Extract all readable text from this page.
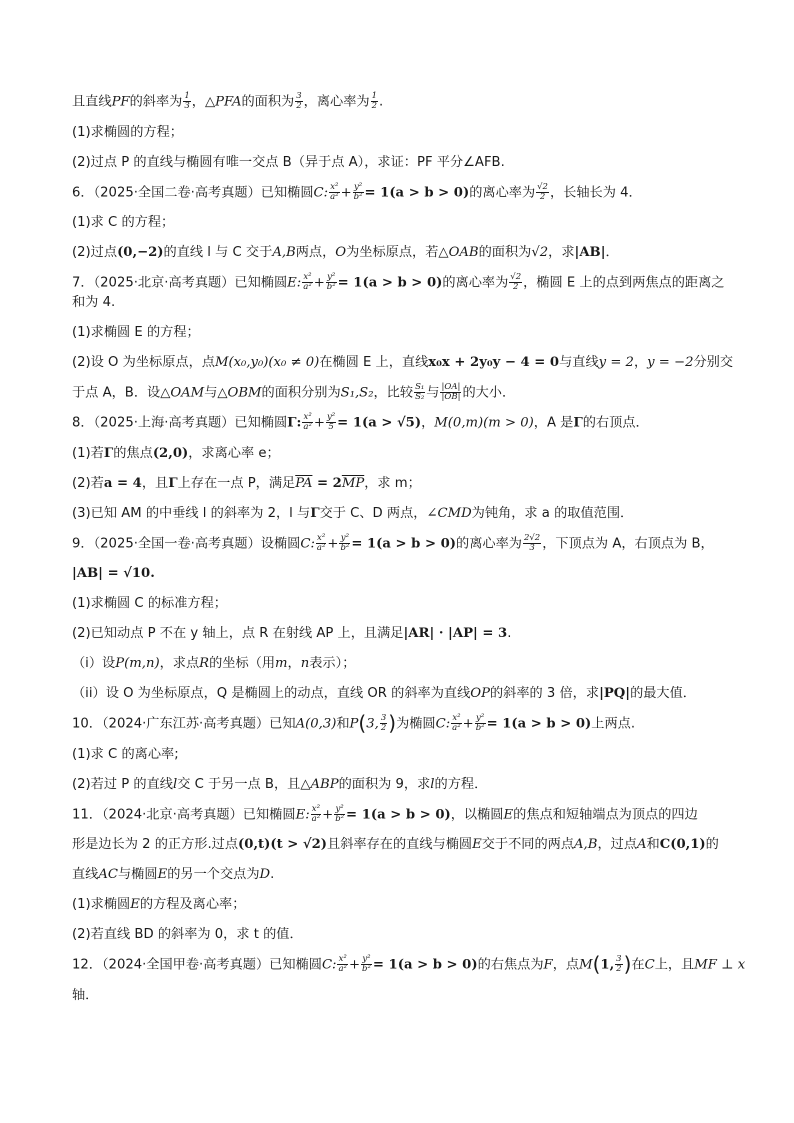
且直线PF的斜率为 $\frac{1}{3}$ ，△PFA的面积为 $\frac{3}{2}$ ，离心率为 $\frac{1}{2}$ .
(1)求椭圆的方程；
(2)过点 P 的直线与椭圆有唯一交点 B（异于点 A），求证：PF 平分∠AFB.
6．（2025·全国二卷·高考真题）已知椭圆C: $\frac{\text{x²}}{\text{a²}} + \frac{\text{y²}}{\text{b²}} = 1(a > b > 0)$的离心率为 $\frac{√2}{2}$ ，长轴长为 4．
(1)求 C 的方程；
(2)过点(0,−2)的直线 l 与 C 交于A,B两点，O为坐标原点，若△OAB的面积为√2，求|AB|．
7．（2025·北京·高考真题）已知椭圆E: $\frac{\text{x²}}{\text{a²}} + \frac{\text{y²}}{\text{b²}} = 1(a > b > 0)$的离心率为 $\frac{√2}{2}$ ，椭圆 E 上的点到两焦点的距离之和为 4.
(1)求椭圆 E 的方程；
(2)设 O 为坐标原点，点M(x₀,y₀)(x₀ ≠ 0)在椭圆 E 上，直线x₀x + 2y₀y − 4 = 0与直线y = 2，y = −2分别交
于点 A，B．设△OAM与△OBM的面积分别为S₁,S₂，比较 $\frac{\text{S₁}}{\text{S₂}}$ 与 $\frac{|OA|}{|OB|}$ 的大小．
8．（2025·上海·高考真题）已知椭圆Γ: $\frac{\text{x²}}{\text{a²}} + \frac{\text{y²}}{5} = 1(a > √5)$，M(0,m)(m > 0)，A 是Γ的右顶点．
(1)若Γ的焦点(2,0)，求离心率 e；
(2)若a = 4，且Γ上存在一点 P，满足$\overline{PA} = 2\overline{MP}$，求 m；
(3)已知 AM 的中垂线 l 的斜率为 2，l 与Γ交于 C、D 两点，∠CMD为钝角，求 a 的取值范围．
9．（2025·全国一卷·高考真题）设椭圆C: $\frac{\text{x²}}{\text{a²}} + \frac{\text{y²}}{\text{b²}} = 1(a > b > 0)$的离心率为 $\frac{2√2}{3}$ ，下顶点为 A，右顶点为 B，
|AB| = √10.
(1)求椭圆 C 的标准方程；
(2)已知动点 P 不在 y 轴上，点 R 在射线 AP 上，且满足|AR| · |AP| = 3.
（i）设P(m,n)，求点R的坐标（用m，n表示）；
（ii）设 O 为坐标原点，Q 是椭圆上的动点，直线 OR 的斜率为直线OP的斜率的 3 倍，求|PQ|的最大值．
10．（2024·广东江苏·高考真题）已知A(0,3)和P(3, $\frac{3}{2}$ )为椭圆C: $\frac{\text{x²}}{\text{a²}} + \frac{\text{y²}}{\text{b²}} = 1(a > b > 0)$上两点.
(1)求 C 的离心率;
(2)若过 P 的直线l交 C 于另一点 B，且△ABP的面积为 9，求l的方程．
11．（2024·北京·高考真题）已知椭圆E: $\frac{\text{x²}}{\text{a²}} + \frac{\text{y²}}{\text{b²}} = 1(a > b > 0)$，以椭圆E的焦点和短轴端点为顶点的四边
形是边长为 2 的正方形.过点(0,t)(t > √2)且斜率存在的直线与椭圆E交于不同的两点A,B，过点A和C(0,1)的
直线AC与椭圆E的另一个交点为D.
(1)求椭圆E的方程及离心率；
(2)若直线 BD 的斜率为 0，求 t 的值．
12．（2024·全国甲卷·高考真题）已知椭圆C: $\frac{\text{x²}}{\text{a²}} + \frac{\text{y²}}{\text{b²}} = 1(a > b > 0)$的右焦点为F，点M(1, $\frac{3}{2}$ )在C上，且MF ⊥ x
轴．
